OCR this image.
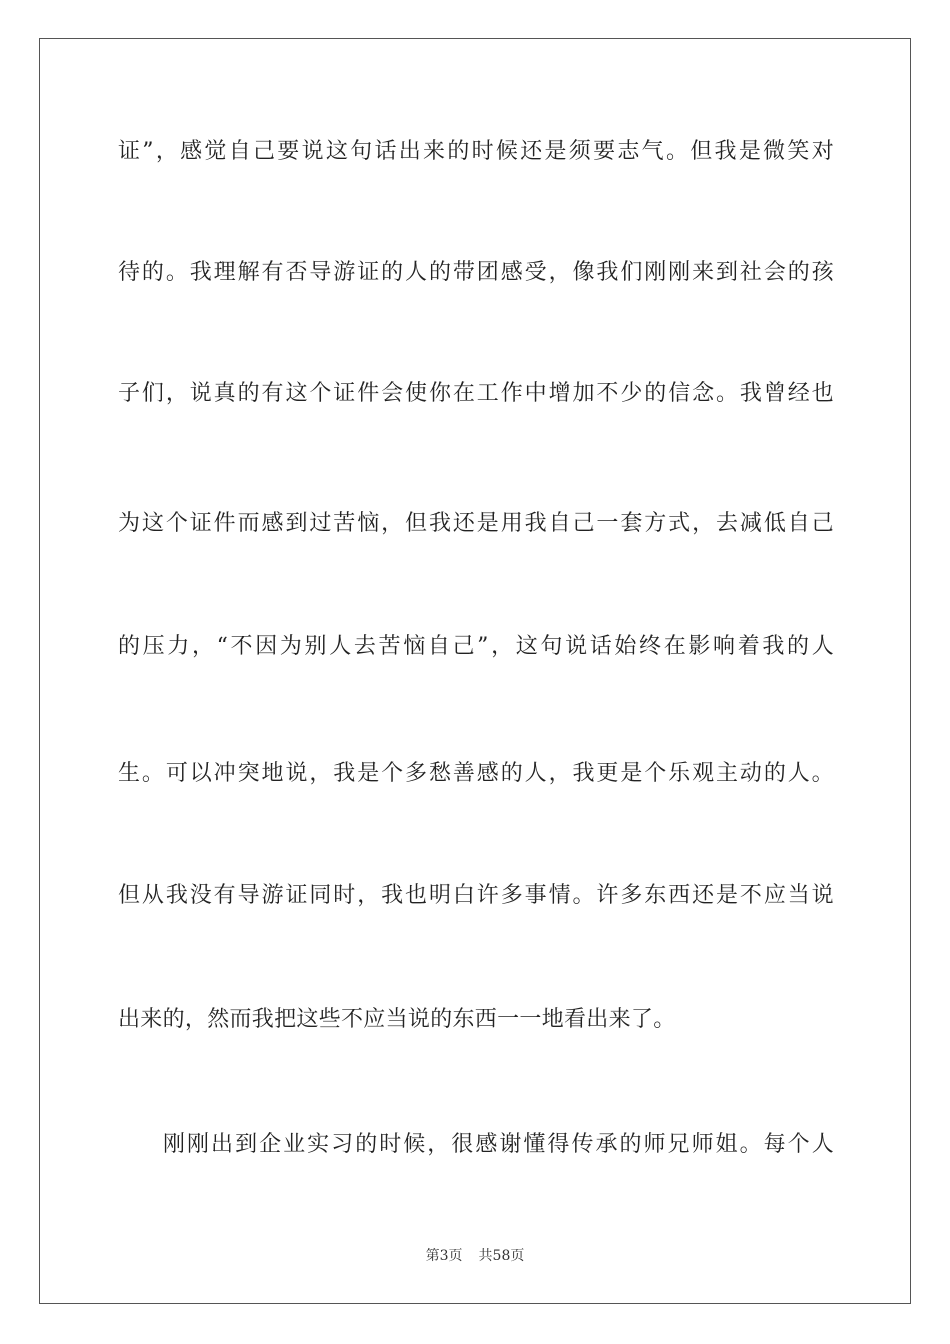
证”，感觉自己要说这句话出来的时候还是须要志气。但我是微笑对
待的。我理解有否导游证的人的带团感受，像我们刚刚来到社会的孩
子们，说真的有这个证件会使你在工作中增加不少的信念。我曾经也
为这个证件而感到过苦恼，但我还是用我自己一套方式，去减低自己
的压力，“不因为别人去苦恼自己”，这句说话始终在影响着我的人
生。可以冲突地说，我是个多愁善感的人，我更是个乐观主动的人。
但从我没有导游证同时，我也明白许多事情。许多东西还是不应当说
出来的，然而我把这些不应当说的东西一一地看出来了。
刚刚出到企业实习的时候，很感谢懂得传承的师兄师姐。每个人
第3页 共58页
